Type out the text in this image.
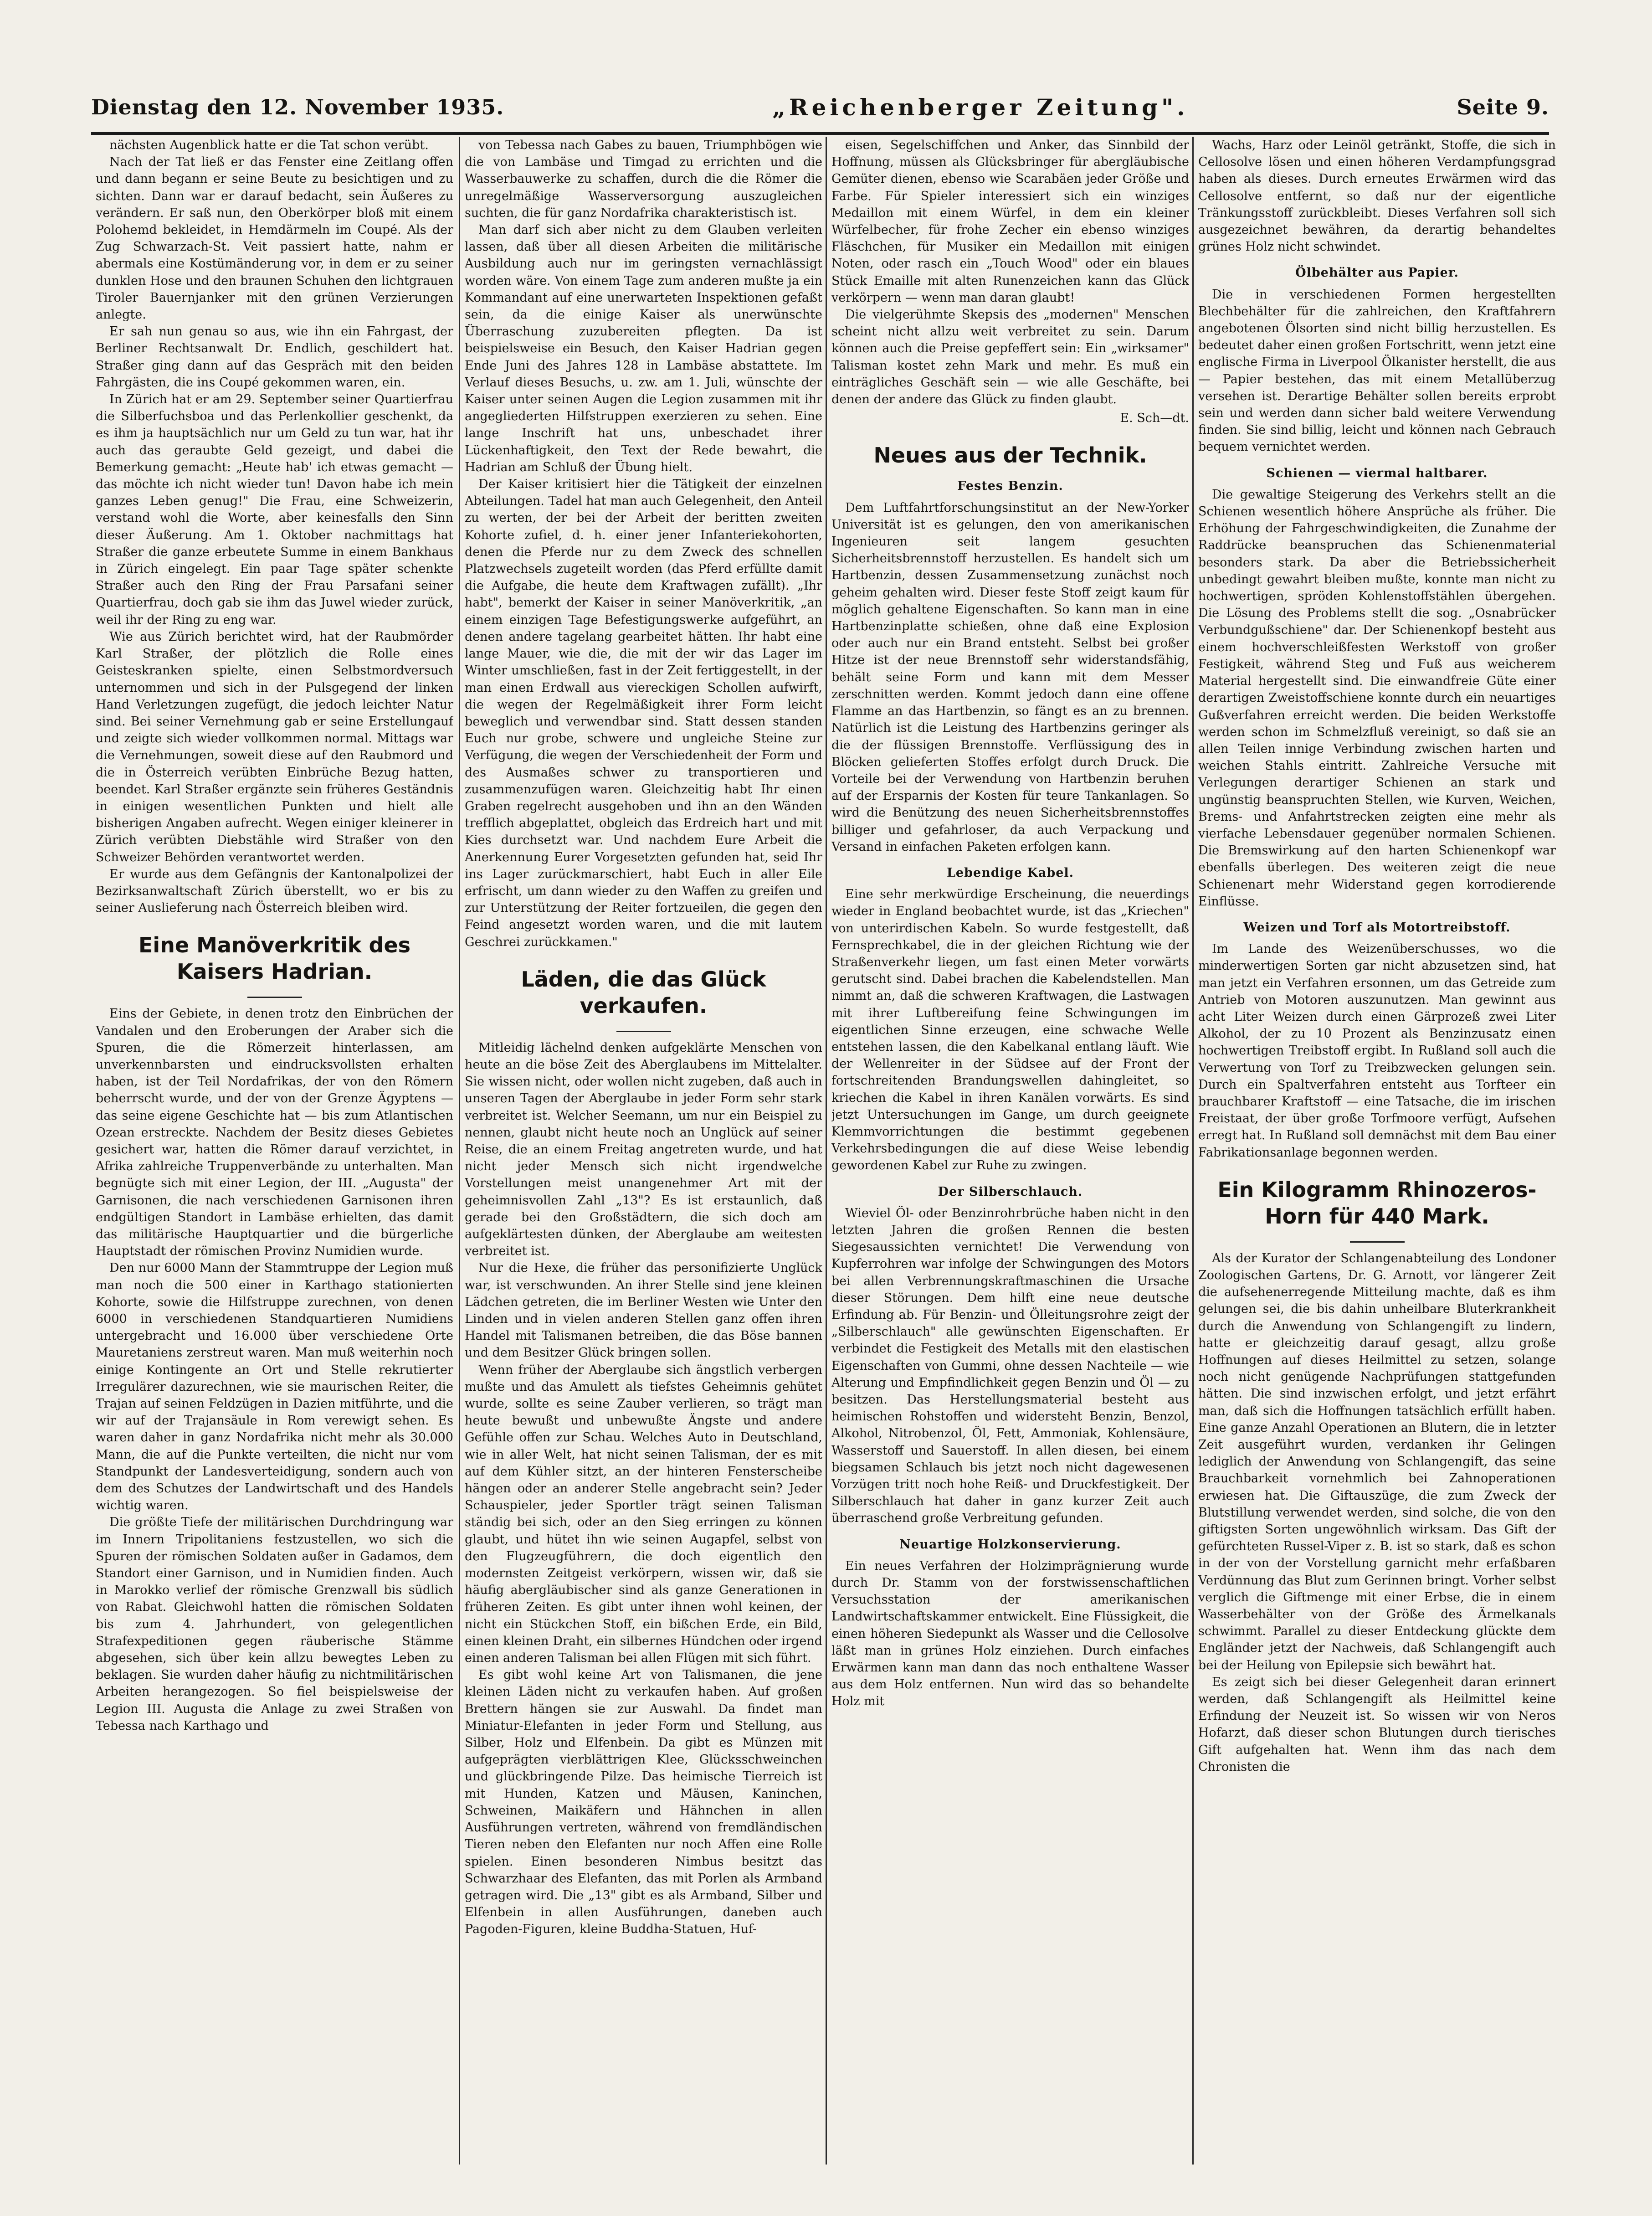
Dienstag den 12. November 1935.	„Reichenberger Zeitung".	Seite 9.

nächsten Augenblick hatte er die Tat schon verübt.

Nach der Tat ließ er das Fenster eine Zeitlang offen und dann begann er seine Beute zu besichtigen und zu sichten. Dann war er darauf bedacht, sein Äußeres zu verändern. Er saß nun, den Oberkörper bloß mit einem Polohemd bekleidet, in Hemdärmeln im Coupé. Als der Zug Schwarzach-St. Veit passiert hatte, nahm er abermals eine Kostümänderung vor, in dem er zu seiner dunklen Hose und den braunen Schuhen den lichtgrauen Tiroler Bauernjanker mit den grünen Verzierungen anlegte.

Er sah nun genau so aus, wie ihn ein Fahrgast, der Berliner Rechtsanwalt Dr. Endlich, geschildert hat. Straßer ging dann auf das Gespräch mit den beiden Fahrgästen, die ins Coupé gekommen waren, ein.

In Zürich hat er am 29. September seiner Quartierfrau die Silberfuchsboa und das Perlenkollier geschenkt, da es ihm ja hauptsächlich nur um Geld zu tun war, hat ihr auch das geraubte Geld gezeigt, und dabei die Bemerkung gemacht: „Heute hab' ich etwas gemacht — das möchte ich nicht wieder tun! Davon habe ich mein ganzes Leben genug!" Die Frau, eine Schweizerin, verstand wohl die Worte, aber keinesfalls den Sinn dieser Äußerung. Am 1. Oktober nachmittags hat Straßer die ganze erbeutete Summe in einem Bankhaus in Zürich eingelegt. Ein paar Tage später schenkte Straßer auch den Ring der Frau Parsafani seiner Quartierfrau, doch gab sie ihm das Juwel wieder zurück, weil ihr der Ring zu eng war.

Wie aus Zürich berichtet wird, hat der Raubmörder Karl Straßer, der plötzlich die Rolle eines Geisteskranken spielte, einen Selbstmordversuch unternommen und sich in der Pulsgegend der linken Hand Verletzungen zugefügt, die jedoch leichter Natur sind. Bei seiner Vernehmung gab er seine Erstellungauf und zeigte sich wieder vollkommen normal. Mittags war die Vernehmungen, soweit diese auf den Raubmord und die in Österreich verübten Einbrüche Bezug hatten, beendet. Karl Straßer ergänzte sein früheres Geständnis in einigen wesentlichen Punkten und hielt alle bisherigen Angaben aufrecht. Wegen einiger kleinerer in Zürich verübten Diebstähle wird Straßer von den Schweizer Behörden verantwortet werden.

Er wurde aus dem Gefängnis der Kantonalpolizei der Bezirksanwaltschaft Zürich überstellt, wo er bis zu seiner Auslieferung nach Österreich bleiben wird.

Eine Manöverkritik des Kaisers Hadrian.

Eins der Gebiete, in denen trotz den Einbrüchen der Vandalen und den Eroberungen der Araber sich die Spuren, die die Römerzeit hinterlassen, am unverkennbarsten und eindrucksvollsten erhalten haben, ist der Teil Nordafrikas, der von den Römern beherrscht wurde, und der von der Grenze Ägyptens — das seine eigene Geschichte hat — bis zum Atlantischen Ozean erstreckte. Nachdem der Besitz dieses Gebietes gesichert war, hatten die Römer darauf verzichtet, in Afrika zahlreiche Truppenverbände zu unterhalten. Man begnügte sich mit einer Legion, der III. „Augusta" der Garnisonen, die nach verschiedenen Garnisonen ihren endgültigen Standort in Lambäse erhielten, das damit das militärische Hauptquartier und die bürgerliche Hauptstadt der römischen Provinz Numidien wurde.

Den nur 6000 Mann der Stammtruppe der Legion muß man noch die 500 einer in Karthago stationierten Kohorte, sowie die Hilfstruppe zurechnen, von denen 6000 in verschiedenen Standquartieren Numidiens untergebracht und 16.000 über verschiedene Orte Mauretaniens zerstreut waren. Man muß weiterhin noch einige Kontingente an Ort und Stelle rekrutierter Irregulärer dazurechnen, wie sie maurischen Reiter, die Trajan auf seinen Feldzügen in Dazien mitführte, und die wir auf der Trajansäule in Rom verewigt sehen. Es waren daher in ganz Nordafrika nicht mehr als 30.000 Mann, die auf die Punkte verteilten, die nicht nur vom Standpunkt der Landesverteidigung, sondern auch von dem des Schutzes der Landwirtschaft und des Handels wichtig waren.

Die größte Tiefe der militärischen Durchdringung war im Innern Tripolitaniens festzustellen, wo sich die Spuren der römischen Soldaten außer in Gadamos, dem Standort einer Garnison, und in Numidien finden. Auch in Marokko verlief der römische Grenzwall bis südlich von Rabat. Gleichwohl hatten die römischen Soldaten bis zum 4. Jahrhundert, von gelegentlichen Strafexpeditionen gegen räuberische Stämme abgesehen, sich über kein allzu bewegtes Leben zu beklagen. Sie wurden daher häufig zu nichtmilitärischen Arbeiten herangezogen. So fiel beispielsweise der Legion III. Augusta die Anlage zu zwei Straßen von Tebessa nach Karthago und

von Tebessa nach Gabes zu bauen, Triumphbögen wie die von Lambäse und Timgad zu errichten und die Wasserbauwerke zu schaffen, durch die die Römer die unregelmäßige Wasserversorgung auszugleichen suchten, die für ganz Nordafrika charakteristisch ist.

Man darf sich aber nicht zu dem Glauben verleiten lassen, daß über all diesen Arbeiten die militärische Ausbildung auch nur im geringsten vernachlässigt worden wäre. Von einem Tage zum anderen mußte ja ein Kommandant auf eine unerwarteten Inspektionen gefaßt sein, da die einige Kaiser als unerwünschte Überraschung zuzubereiten pflegten. Da ist beispielsweise ein Besuch, den Kaiser Hadrian gegen Ende Juni des Jahres 128 in Lambäse abstattete. Im Verlauf dieses Besuchs, u. zw. am 1. Juli, wünschte der Kaiser unter seinen Augen die Legion zusammen mit ihr angegliederten Hilfstruppen exerzieren zu sehen. Eine lange Inschrift hat uns, unbeschadet ihrer Lückenhaftigkeit, den Text der Rede bewahrt, die Hadrian am Schluß der Übung hielt.

Der Kaiser kritisiert hier die Tätigkeit der einzelnen Abteilungen. Tadel hat man auch Gelegenheit, den Anteil zu werten, der bei der Arbeit der beritten zweiten Kohorte zufiel, d. h. einer jener Infanteriekohorten, denen die Pferde nur zu dem Zweck des schnellen Platzwechsels zugeteilt worden (das Pferd erfüllte damit die Aufgabe, die heute dem Kraftwagen zufällt). „Ihr habt", bemerkt der Kaiser in seiner Manöverkritik, „an einem einzigen Tage Befestigungswerke aufgeführt, an denen andere tagelang gearbeitet hätten. Ihr habt eine lange Mauer, wie die, die mit der wir das Lager im Winter umschließen, fast in der Zeit fertiggestellt, in der man einen Erdwall aus viereckigen Schollen aufwirft, die wegen der Regelmäßigkeit ihrer Form leicht beweglich und verwendbar sind. Statt dessen standen Euch nur grobe, schwere und ungleiche Steine zur Verfügung, die wegen der Verschiedenheit der Form und des Ausmaßes schwer zu transportieren und zusammenzufügen waren. Gleichzeitig habt Ihr einen Graben regelrecht ausgehoben und ihn an den Wänden trefflich abgeplattet, obgleich das Erdreich hart und mit Kies durchsetzt war. Und nachdem Eure Arbeit die Anerkennung Eurer Vorgesetzten gefunden hat, seid Ihr ins Lager zurückmarschiert, habt Euch in aller Eile erfrischt, um dann wieder zu den Waffen zu greifen und zur Unterstützung der Reiter fortzueilen, die gegen den Feind angesetzt worden waren, und die mit lautem Geschrei zurückkamen."

Läden, die das Glück verkaufen.

Mitleidig lächelnd denken aufgeklärte Menschen von heute an die böse Zeit des Aberglaubens im Mittelalter. Sie wissen nicht, oder wollen nicht zugeben, daß auch in unseren Tagen der Aberglaube in jeder Form sehr stark verbreitet ist. Welcher Seemann, um nur ein Beispiel zu nennen, glaubt nicht heute noch an Unglück auf seiner Reise, die an einem Freitag angetreten wurde, und hat nicht jeder Mensch sich nicht irgendwelche Vorstellungen meist unangenehmer Art mit der geheimnisvollen Zahl „13"? Es ist erstaunlich, daß gerade bei den Großstädtern, die sich doch am aufgeklärtesten dünken, der Aberglaube am weitesten verbreitet ist.

Nur die Hexe, die früher das personifizierte Unglück war, ist verschwunden. An ihrer Stelle sind jene kleinen Lädchen getreten, die im Berliner Westen wie Unter den Linden und in vielen anderen Stellen ganz offen ihren Handel mit Talismanen betreiben, die das Böse bannen und dem Besitzer Glück bringen sollen.

Wenn früher der Aberglaube sich ängstlich verbergen mußte und das Amulett als tiefstes Geheimnis gehütet wurde, sollte es seine Zauber verlieren, so trägt man heute bewußt und unbewußte Ängste und andere Gefühle offen zur Schau. Welches Auto in Deutschland, wie in aller Welt, hat nicht seinen Talisman, der es mit auf dem Kühler sitzt, an der hinteren Fensterscheibe hängen oder an anderer Stelle angebracht sein? Jeder Schauspieler, jeder Sportler trägt seinen Talisman ständig bei sich, oder an den Sieg erringen zu können glaubt, und hütet ihn wie seinen Augapfel, selbst von den Flugzeugführern, die doch eigentlich den modernsten Zeitgeist verkörpern, wissen wir, daß sie häufig abergläubischer sind als ganze Generationen in früheren Zeiten. Es gibt unter ihnen wohl keinen, der nicht ein Stückchen Stoff, ein bißchen Erde, ein Bild, einen kleinen Draht, ein silbernes Hündchen oder irgend einen anderen Talisman bei allen Flügen mit sich führt.

Es gibt wohl keine Art von Talismanen, die jene kleinen Läden nicht zu verkaufen haben. Auf großen Brettern hängen sie zur Auswahl. Da findet man Miniatur-Elefanten in jeder Form und Stellung, aus Silber, Holz und Elfenbein. Da gibt es Münzen mit aufgeprägten vierblättrigen Klee, Glücksschweinchen und glückbringende Pilze. Das heimische Tierreich ist mit Hunden, Katzen und Mäusen, Kaninchen, Schweinen, Maikäfern und Hähnchen in allen Ausführungen vertreten, während von fremdländischen Tieren neben den Elefanten nur noch Affen eine Rolle spielen. Einen besonderen Nimbus besitzt das Schwarzhaar des Elefanten, das mit Porlen als Armband getragen wird. Die „13" gibt es als Armband, Silber und Elfenbein in allen Ausführungen, daneben auch Pagoden-Figuren, kleine Buddha-Statuen, Huf-

eisen, Segelschiffchen und Anker, das Sinnbild der Hoffnung, müssen als Glücksbringer für abergläubische Gemüter dienen, ebenso wie Scarabäen jeder Größe und Farbe. Für Spieler interessiert sich ein winziges Medaillon mit einem Würfel, in dem ein kleiner Würfelbecher, für frohe Zecher ein ebenso winziges Fläschchen, für Musiker ein Medaillon mit einigen Noten, oder rasch ein „Touch Wood" oder ein blaues Stück Emaille mit alten Runenzeichen kann das Glück verkörpern — wenn man daran glaubt!

Die vielgerühmte Skepsis des „modernen" Menschen scheint nicht allzu weit verbreitet zu sein. Darum können auch die Preise gepfeffert sein: Ein „wirksamer" Talisman kostet zehn Mark und mehr. Es muß ein einträgliches Geschäft sein — wie alle Geschäfte, bei denen der andere das Glück zu finden glaubt.

E. Sch—dt.
Neues aus der Technik.
Festes Benzin.

Dem Luftfahrtforschungsinstitut an der New-Yorker Universität ist es gelungen, den von amerikanischen Ingenieuren seit langem gesuchten Sicherheitsbrennstoff herzustellen. Es handelt sich um Hartbenzin, dessen Zusammensetzung zunächst noch geheim gehalten wird. Dieser feste Stoff zeigt kaum für möglich gehaltene Eigenschaften. So kann man in eine Hartbenzinplatte schießen, ohne daß eine Explosion oder auch nur ein Brand entsteht. Selbst bei großer Hitze ist der neue Brennstoff sehr widerstandsfähig, behält seine Form und kann mit dem Messer zerschnitten werden. Kommt jedoch dann eine offene Flamme an das Hartbenzin, so fängt es an zu brennen. Natürlich ist die Leistung des Hartbenzins geringer als die der flüssigen Brennstoffe. Verflüssigung des in Blöcken gelieferten Stoffes erfolgt durch Druck. Die Vorteile bei der Verwendung von Hartbenzin beruhen auf der Ersparnis der Kosten für teure Tankanlagen. So wird die Benützung des neuen Sicherheitsbrennstoffes billiger und gefahrloser, da auch Verpackung und Versand in einfachen Paketen erfolgen kann.

Lebendige Kabel.

Eine sehr merkwürdige Erscheinung, die neuerdings wieder in England beobachtet wurde, ist das „Kriechen" von unterirdischen Kabeln. So wurde festgestellt, daß Fernsprechkabel, die in der gleichen Richtung wie der Straßenverkehr liegen, um fast einen Meter vorwärts gerutscht sind. Dabei brachen die Kabelendstellen. Man nimmt an, daß die schweren Kraftwagen, die Lastwagen mit ihrer Luftbereifung feine Schwingungen im eigentlichen Sinne erzeugen, eine schwache Welle entstehen lassen, die den Kabelkanal entlang läuft. Wie der Wellenreiter in der Südsee auf der Front der fortschreitenden Brandungswellen dahingleitet, so kriechen die Kabel in ihren Kanälen vorwärts. Es sind jetzt Untersuchungen im Gange, um durch geeignete Klemmvorrichtungen die bestimmt gegebenen Verkehrsbedingungen die auf diese Weise lebendig gewordenen Kabel zur Ruhe zu zwingen.

Der Silberschlauch.

Wieviel Öl- oder Benzinrohrbrüche haben nicht in den letzten Jahren die großen Rennen die besten Siegesaussichten vernichtet! Die Verwendung von Kupferrohren war infolge der Schwingungen des Motors bei allen Verbrennungskraftmaschinen die Ursache dieser Störungen. Dem hilft eine neue deutsche Erfindung ab. Für Benzin- und Ölleitungsrohre zeigt der „Silberschlauch" alle gewünschten Eigenschaften. Er verbindet die Festigkeit des Metalls mit den elastischen Eigenschaften von Gummi, ohne dessen Nachteile — wie Alterung und Empfindlichkeit gegen Benzin und Öl — zu besitzen. Das Herstellungsmaterial besteht aus heimischen Rohstoffen und widersteht Benzin, Benzol, Alkohol, Nitrobenzol, Öl, Fett, Ammoniak, Kohlensäure, Wasserstoff und Sauerstoff. In allen diesen, bei einem biegsamen Schlauch bis jetzt noch nicht dagewesenen Vorzügen tritt noch hohe Reiß- und Druckfestigkeit. Der Silberschlauch hat daher in ganz kurzer Zeit auch überraschend große Verbreitung gefunden.

Neuartige Holzkonservierung.

Ein neues Verfahren der Holzimprägnierung wurde durch Dr. Stamm von der forstwissenschaftlichen Versuchsstation der amerikanischen Landwirtschaftskammer entwickelt. Eine Flüssigkeit, die einen höheren Siedepunkt als Wasser und die Cellosolve läßt man in grünes Holz einziehen. Durch einfaches Erwärmen kann man dann das noch enthaltene Wasser aus dem Holz entfernen. Nun wird das so behandelte Holz mit

Wachs, Harz oder Leinöl getränkt, Stoffe, die sich in Cellosolve lösen und einen höheren Verdampfungsgrad haben als dieses. Durch erneutes Erwärmen wird das Cellosolve entfernt, so daß nur der eigentliche Tränkungsstoff zurückbleibt. Dieses Verfahren soll sich ausgezeichnet bewähren, da derartig behandeltes grünes Holz nicht schwindet.

Ölbehälter aus Papier.

Die in verschiedenen Formen hergestellten Blechbehälter für die zahlreichen, den Kraftfahrern angebotenen Ölsorten sind nicht billig herzustellen. Es bedeutet daher einen großen Fortschritt, wenn jetzt eine englische Firma in Liverpool Ölkanister herstellt, die aus — Papier bestehen, das mit einem Metallüberzug versehen ist. Derartige Behälter sollen bereits erprobt sein und werden dann sicher bald weitere Verwendung finden. Sie sind billig, leicht und können nach Gebrauch bequem vernichtet werden.

Schienen — viermal haltbarer.

Die gewaltige Steigerung des Verkehrs stellt an die Schienen wesentlich höhere Ansprüche als früher. Die Erhöhung der Fahrgeschwindigkeiten, die Zunahme der Raddrücke beanspruchen das Schienenmaterial besonders stark. Da aber die Betriebssicherheit unbedingt gewahrt bleiben mußte, konnte man nicht zu hochwertigen, spröden Kohlenstoffstählen übergehen. Die Lösung des Problems stellt die sog. „Osnabrücker Verbundgußschiene" dar. Der Schienenkopf besteht aus einem hochverschleißfesten Werkstoff von großer Festigkeit, während Steg und Fuß aus weicherem Material hergestellt sind. Die einwandfreie Güte einer derartigen Zweistoffschiene konnte durch ein neuartiges Gußverfahren erreicht werden. Die beiden Werkstoffe werden schon im Schmelzfluß vereinigt, so daß sie an allen Teilen innige Verbindung zwischen harten und weichen Stahls eintritt. Zahlreiche Versuche mit Verlegungen derartiger Schienen an stark und ungünstig beanspruchten Stellen, wie Kurven, Weichen, Brems- und Anfahrtstrecken zeigten eine mehr als vierfache Lebensdauer gegenüber normalen Schienen. Die Bremswirkung auf den harten Schienenkopf war ebenfalls überlegen. Des weiteren zeigt die neue Schienenart mehr Widerstand gegen korrodierende Einflüsse.

Weizen und Torf als Motortreibstoff.

Im Lande des Weizenüberschusses, wo die minderwertigen Sorten gar nicht abzusetzen sind, hat man jetzt ein Verfahren ersonnen, um das Getreide zum Antrieb von Motoren auszunutzen. Man gewinnt aus acht Liter Weizen durch einen Gärprozeß zwei Liter Alkohol, der zu 10 Prozent als Benzinzusatz einen hochwertigen Treibstoff ergibt. In Rußland soll auch die Verwertung von Torf zu Treibzwecken gelungen sein. Durch ein Spaltverfahren entsteht aus Torfteer ein brauchbarer Kraftstoff — eine Tatsache, die im irischen Freistaat, der über große Torfmoore verfügt, Aufsehen erregt hat. In Rußland soll demnächst mit dem Bau einer Fabrikationsanlage begonnen werden.

Ein Kilogramm Rhinozeros-Horn für 440 Mark.

Als der Kurator der Schlangenabteilung des Londoner Zoologischen Gartens, Dr. G. Arnott, vor längerer Zeit die aufsehenerregende Mitteilung machte, daß es ihm gelungen sei, die bis dahin unheilbare Bluterkrankheit durch die Anwendung von Schlangengift zu lindern, hatte er gleichzeitig darauf gesagt, allzu große Hoffnungen auf dieses Heilmittel zu setzen, solange noch nicht genügende Nachprüfungen stattgefunden hätten. Die sind inzwischen erfolgt, und jetzt erfährt man, daß sich die Hoffnungen tatsächlich erfüllt haben. Eine ganze Anzahl Operationen an Blutern, die in letzter Zeit ausgeführt wurden, verdanken ihr Gelingen lediglich der Anwendung von Schlangengift, das seine Brauchbarkeit vornehmlich bei Zahnoperationen erwiesen hat. Die Giftauszüge, die zum Zweck der Blutstillung verwendet werden, sind solche, die von den giftigsten Sorten ungewöhnlich wirksam. Das Gift der gefürchteten Russel-Viper z. B. ist so stark, daß es schon in der von der Vorstellung garnicht mehr erfaßbaren Verdünnung das Blut zum Gerinnen bringt. Vorher selbst verglich die Giftmenge mit einer Erbse, die in einem Wasserbehälter von der Größe des Ärmelkanals schwimmt. Parallel zu dieser Entdeckung glückte dem Engländer jetzt der Nachweis, daß Schlangengift auch bei der Heilung von Epilepsie sich bewährt hat.

Es zeigt sich bei dieser Gelegenheit daran erinnert werden, daß Schlangengift als Heilmittel keine Erfindung der Neuzeit ist. So wissen wir von Neros Hofarzt, daß dieser schon Blutungen durch tierisches Gift aufgehalten hat. Wenn ihm das nach dem Chronisten die
